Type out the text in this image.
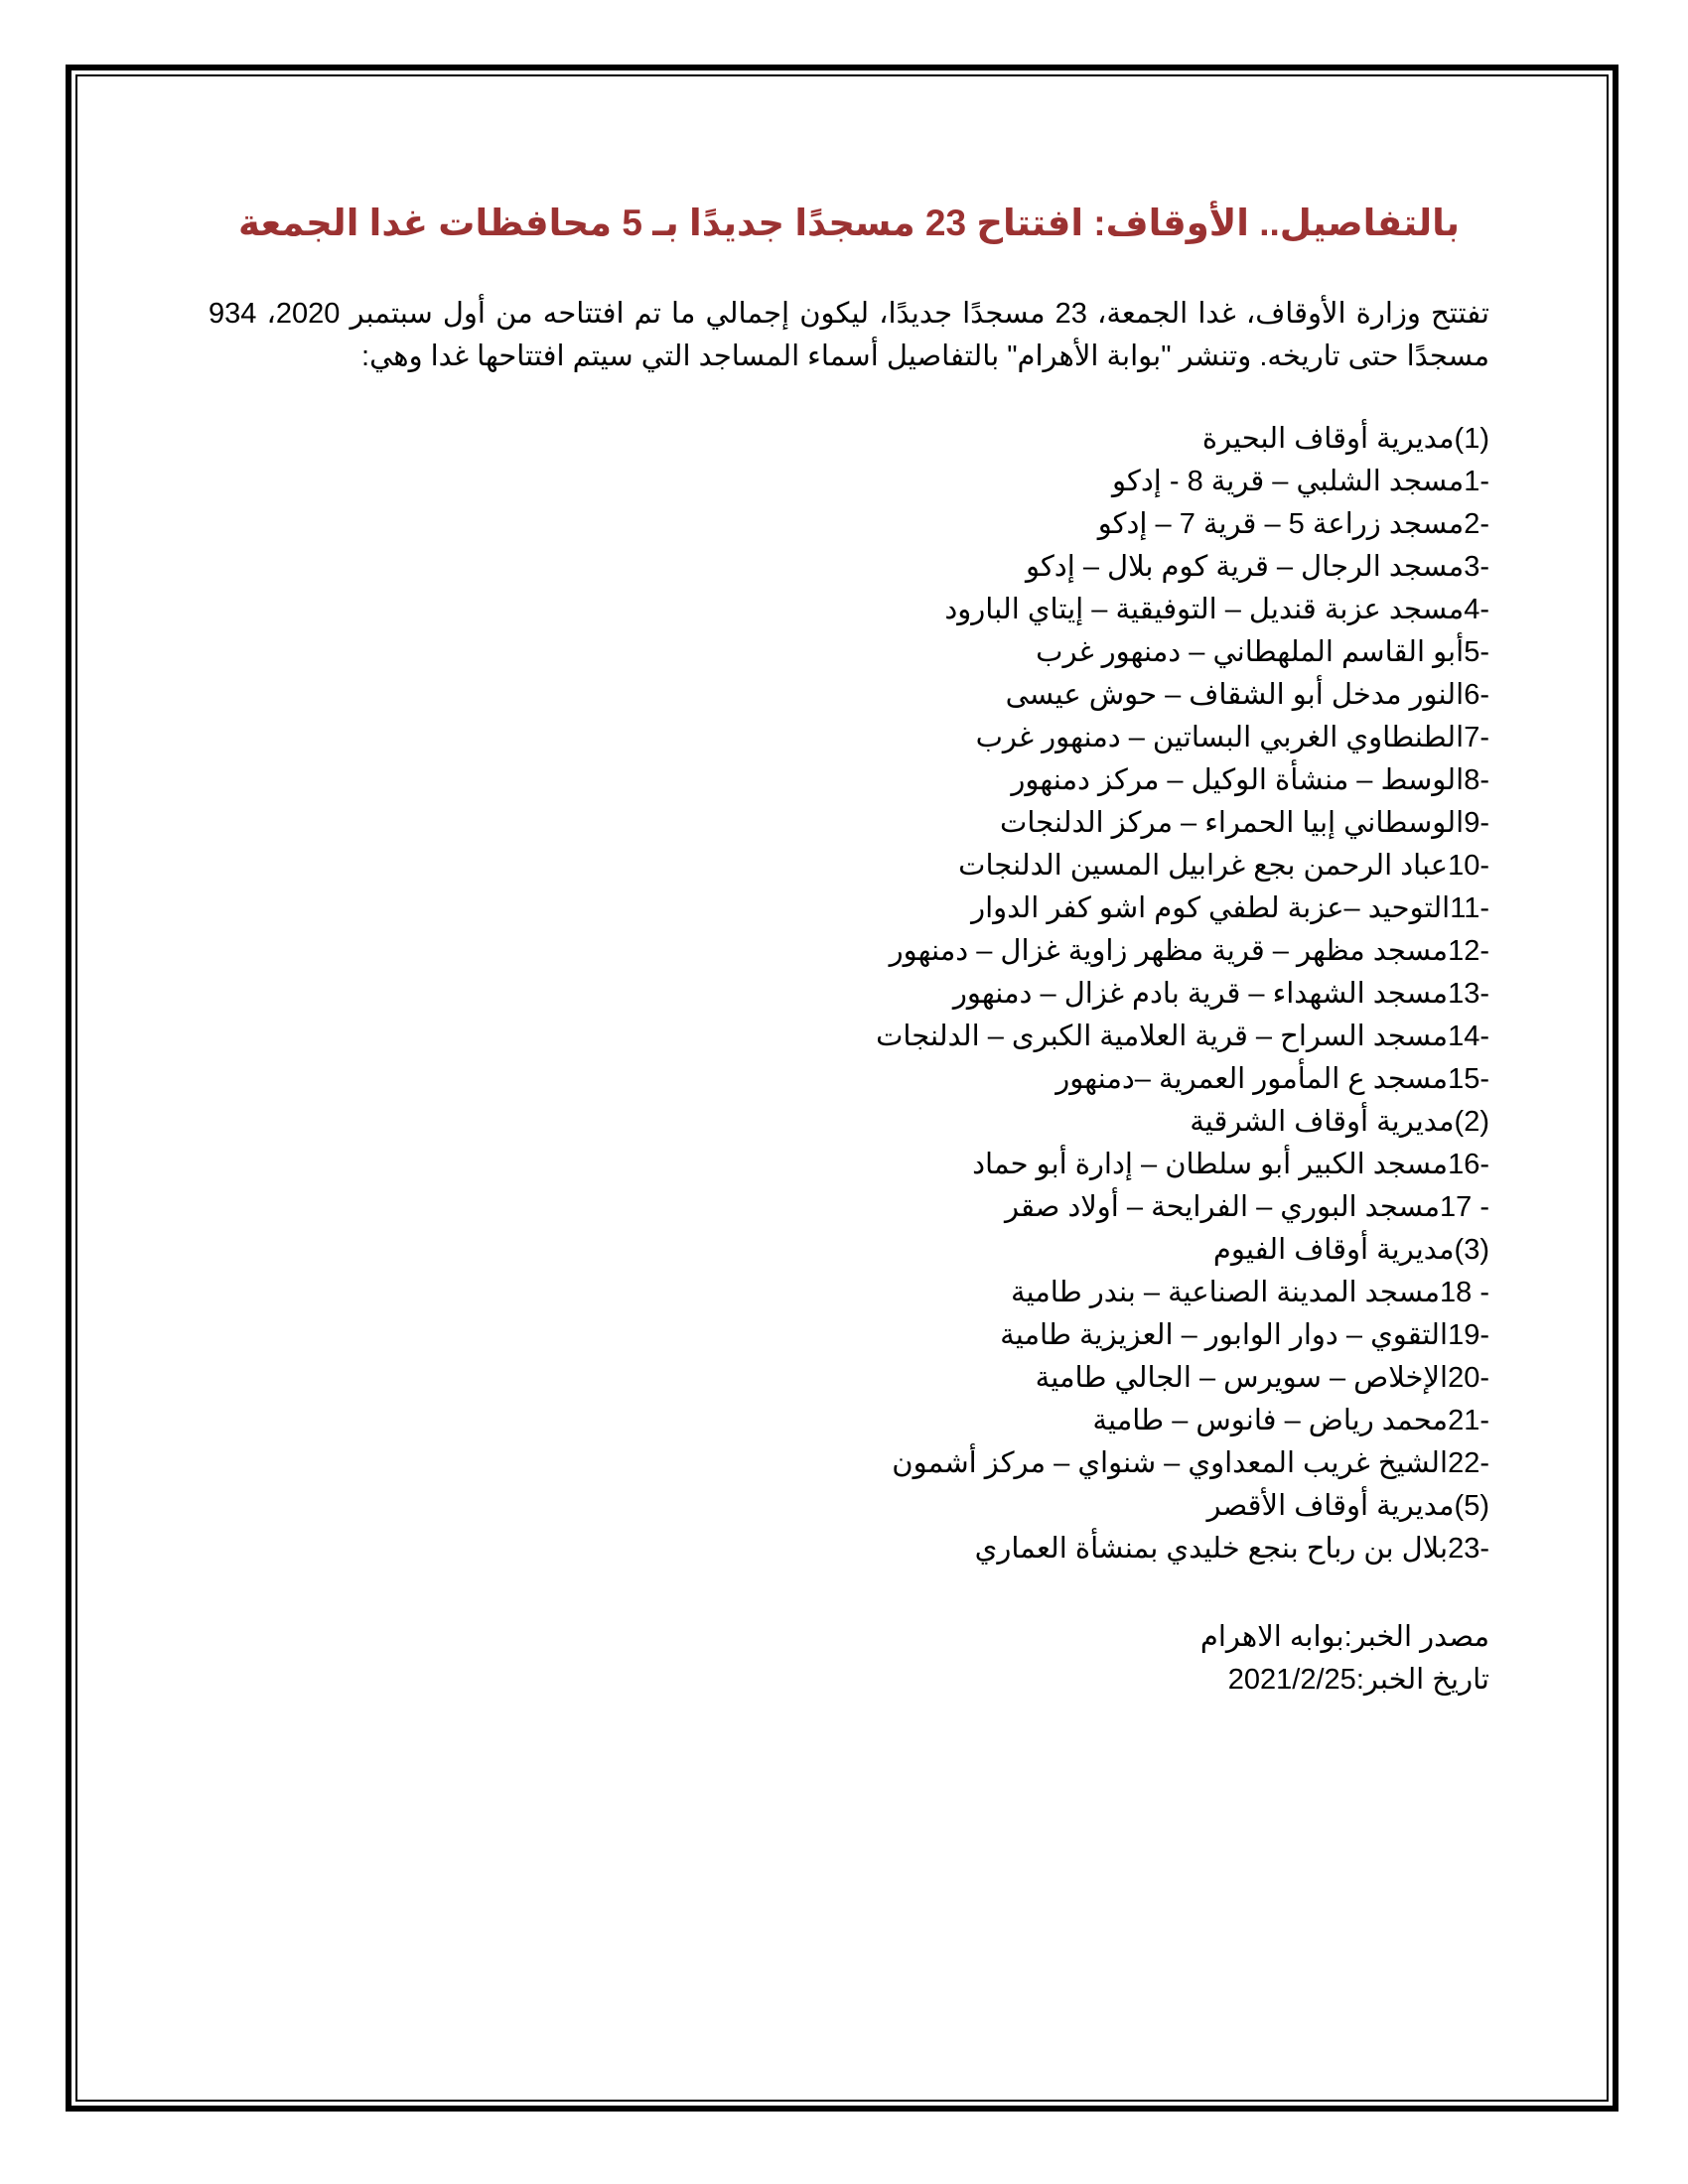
بالتفاصيل.. الأوقاف: افتتاح 23 مسجدًا جديدًا بـ 5 محافظات غدا الجمعة

تفتتح وزارة الأوقاف، غدا الجمعة، 23 مسجدًا جديدًا، ليكون إجمالي ما تم افتتاحه من أول سبتمبر 2020، 934 مسجدًا حتى تاريخه. وتنشر "بوابة الأهرام" بالتفاصيل أسماء المساجد التي سيتم افتتاحها غدا وهي:

(1)مديرية أوقاف البحيرة
-1مسجد الشلبي – قرية 8 - إدكو
-2مسجد زراعة 5 – قرية 7 – إدكو
-3مسجد الرجال – قرية كوم بلال – إدكو
-4مسجد عزبة قنديل – التوفيقية – إيتاي البارود
-5أبو القاسم الملهطاني – دمنهور غرب
-6النور مدخل أبو الشقاف – حوش عيسى
-7الطنطاوي الغربي البساتين – دمنهور غرب
-8الوسط – منشأة الوكيل – مركز دمنهور
-9الوسطاني إبيا الحمراء – مركز الدلنجات
-10عباد الرحمن بجع غرابيل المسين الدلنجات
-11التوحيد –عزبة لطفي كوم اشو كفر الدوار
-12مسجد مظهر – قرية مظهر زاوية غزال – دمنهور
-13مسجد الشهداء – قرية بادم غزال – دمنهور
-14مسجد السراح – قرية العلامية الكبرى – الدلنجات
-15مسجد ع المأمور العمرية –دمنهور
(2)مديرية أوقاف الشرقية
-16مسجد الكبير أبو سلطان – إدارة أبو حماد
- 17مسجد البوري – الفرايحة – أولاد صقر
(3)مديرية أوقاف الفيوم
- 18مسجد المدينة الصناعية – بندر طامية
-19التقوي – دوار الوابور – العزيزية طامية
-20الإخلاص – سويرس – الجالي طامية
-21محمد رياض – فانوس – طامية
-22الشيخ غريب المعداوي – شنواي – مركز أشمون
(5)مديرية أوقاف الأقصر
-23بلال بن رباح بنجع خليدي بمنشأة العماري
مصدر الخبر:بوابه الاهرام
تاريخ الخبر:2021/2/25
